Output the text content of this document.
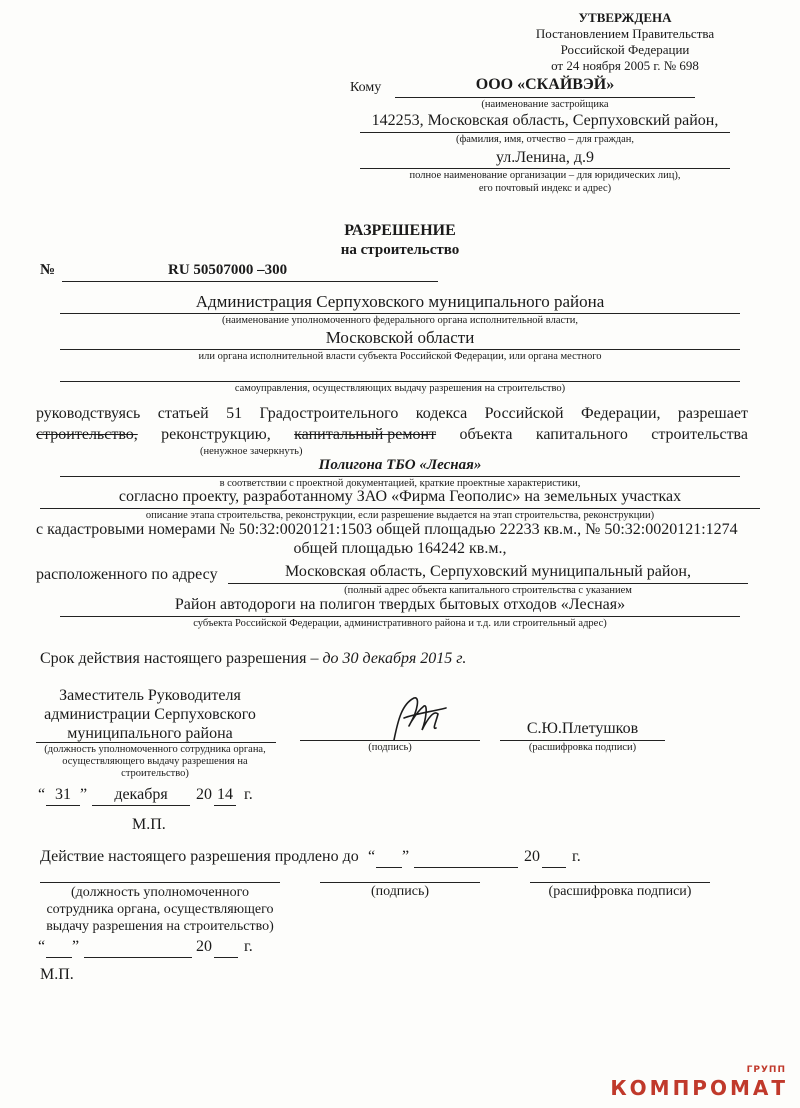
УТВЕРЖДЕНА
Постановлением Правительства
Российской Федерации
от 24 ноября 2005 г. № 698
Кому	ООО «СКАЙВЭЙ»
(наименование застройщика
142253, Московская область, Серпуховский район,
(фамилия, имя, отчество – для граждан,
ул.Ленина, д.9
полное наименование организации – для юридических лиц),
его почтовый индекс и адрес)
РАЗРЕШЕНИЕ
на строительство
№	RU 50507000 –300
Администрация Серпуховского муниципального района
(наименование уполномоченного федерального органа исполнительной власти,
Московской области
или органа исполнительной власти субъекта Российской Федерации, или органа местного
самоуправления, осуществляющих выдачу разрешения на строительство)
руководствуясь статьей 51 Градостроительного кодекса Российской Федерации, разрешает
строительство, реконструкцию, капитальный ремонт объекта капитального строительства
(ненужное зачеркнуть)
Полигона ТБО «Лесная»
в соответствии с проектной документацией, краткие проектные характеристики,
согласно проекту, разработанному ЗАО «Фирма Геополис» на земельных участках
описание этапа строительства, реконструкции, если разрешение выдается на этап строительства, реконструкции)
с кадастровыми номерами № 50:32:0020121:1503 общей площадью 22233 кв.м., № 50:32:0020121:1274
общей площадью 164242 кв.м.,
расположенного по адресу	Московская область, Серпуховский муниципальный район,
(полный адрес объекта капитального строительства с указанием
Район автодороги на полигон твердых бытовых отходов «Лесная»
субъекта Российской Федерации, административного района и т.д. или строительный адрес)
Срок действия настоящего разрешения – до 30 декабря 2015 г.
Заместитель Руководителя
администрации Серпуховского
муниципального района
(должность уполномоченного сотрудника органа,
осуществляющего выдачу разрешения на
строительство)
(подпись)
С.Ю.Плетушков
(расшифровка подписи)
“ 31 ”	декабря	20 14 г.
М.П.
Действие настоящего разрешения продлено до “ ”	20 г.
(должность уполномоченного
сотрудника органа, осуществляющего
выдачу разрешения на строительство)
(подпись)	(расшифровка подписи)
“ ”	20 г.
М.П.
ГРУПП
КОМПРОМАТ
